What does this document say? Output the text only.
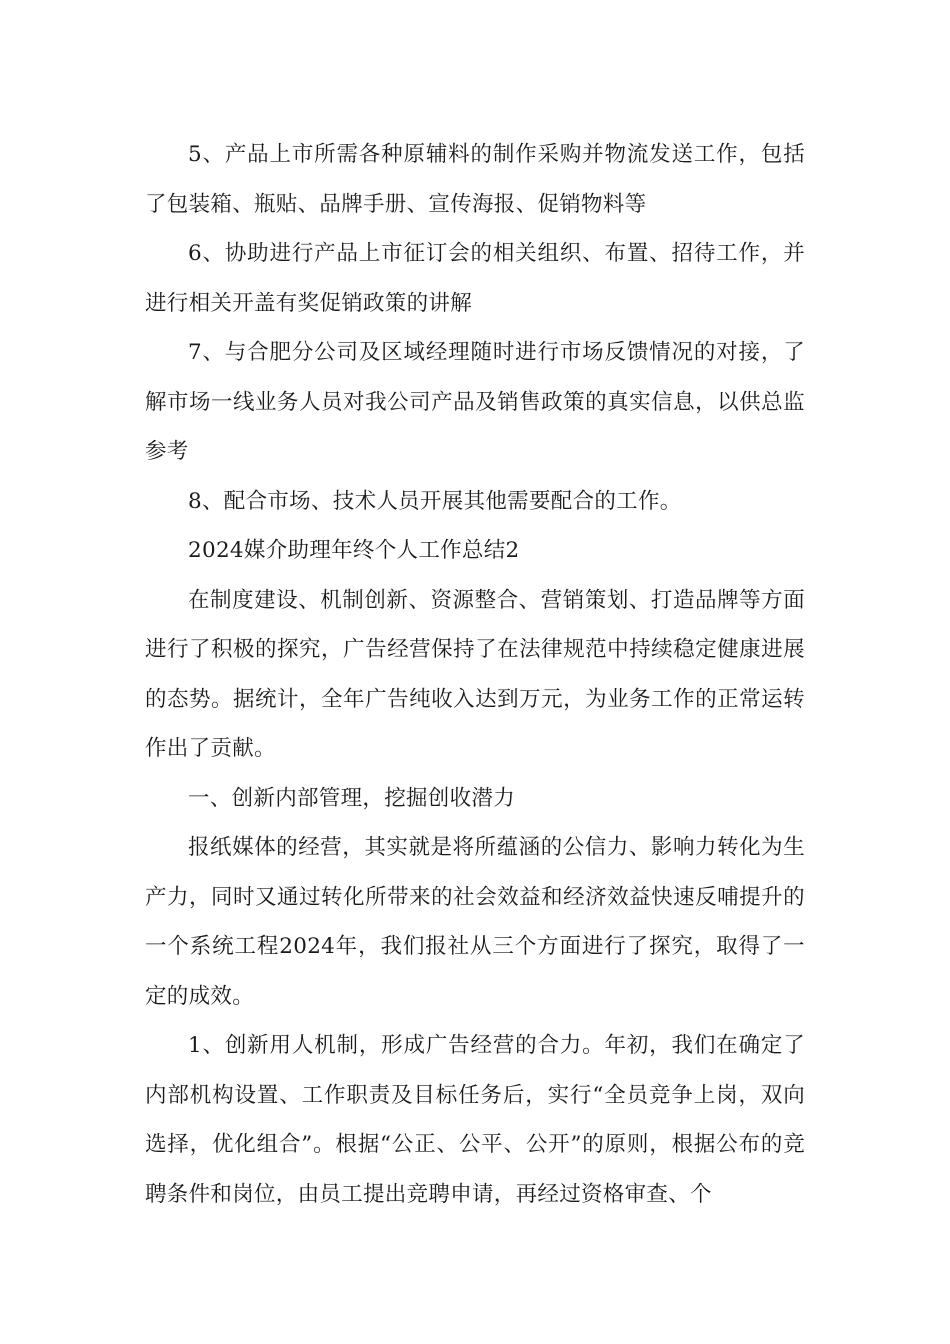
5、产品上市所需各种原辅料的制作采购并物流发送工作，包括了包装箱、瓶贴、品牌手册、宣传海报、促销物料等

6、协助进行产品上市征订会的相关组织、布置、招待工作，并进行相关开盖有奖促销政策的讲解

7、与合肥分公司及区域经理随时进行市场反馈情况的对接，了解市场一线业务人员对我公司产品及销售政策的真实信息，以供总监参考

8、配合市场、技术人员开展其他需要配合的工作。

2024媒介助理年终个人工作总结2

在制度建设、机制创新、资源整合、营销策划、打造品牌等方面进行了积极的探究，广告经营保持了在法律规范中持续稳定健康进展的态势。据统计，全年广告纯收入达到万元，为业务工作的正常运转作出了贡献。

一、创新内部管理，挖掘创收潜力

报纸媒体的经营，其实就是将所蕴涵的公信力、影响力转化为生产力，同时又通过转化所带来的社会效益和经济效益快速反哺提升的一个系统工程2024年，我们报社从三个方面进行了探究，取得了一定的成效。

1、创新用人机制，形成广告经营的合力。年初，我们在确定了内部机构设置、工作职责及目标任务后，实行“全员竞争上岗，双向选择，优化组合”。根据“公正、公平、公开”的原则，根据公布的竞聘条件和岗位，由员工提出竞聘申请，再经过资格审查、个
